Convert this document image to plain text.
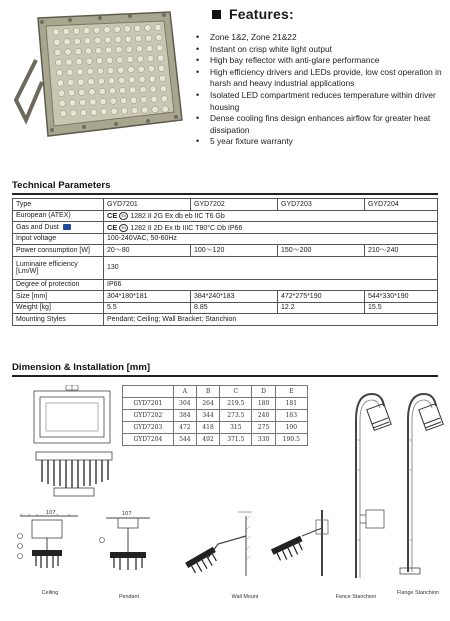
Features:
• Zone 1&2, Zone 21&22
• Instant on crisp white light output
• High bay reflector with anti-glare performance
• High efficiency drivers and LEDs provide, low cost operation in harsh and heavy industrial applications
• Isolated LED compartment reduces temperature within driver housing
• Dense cooling fins design enhances airflow for greater heat dissipation
• 5 year fixture warranty
Technical Parameters
Type	GYD7201	GYD7202	GYD7203	GYD7204
European (ATEX)	CE Ex 1282 II 2G Ex db eb IIC T6 Gb			
Gas and Dust	CE Ex 1282 II 2D Ex tb IIIC T80°C Db IP66			
Input voltage	100-240VAC, 50-60Hz			
Power consumption [W]	20～80	100～120	150～200	210～240

Luminaire efficiency
[Lm/W]	130			
Degree of protection	IP66			
Size [mm]	304*180*181	384*240*183	472*275*190	544*330*190
Weight [kg]	5.5	8.85	12.2	15.5
Mounting Styles	Pendant; Ceiling; Wall Bracket; Stanchion			
Dimension & Installation [mm]
	A	B	C	D	E
GYD7201	304	264	219.5	180	181
GYD7202	384	344	273.5	240	183
GYD7203	472	418	315	275	190
GYD7204	544	492	371.5	330	190.5
107	107
Ceiling
Pendant	Wall Mount	Fence Stanchion
Flange Stanchion
